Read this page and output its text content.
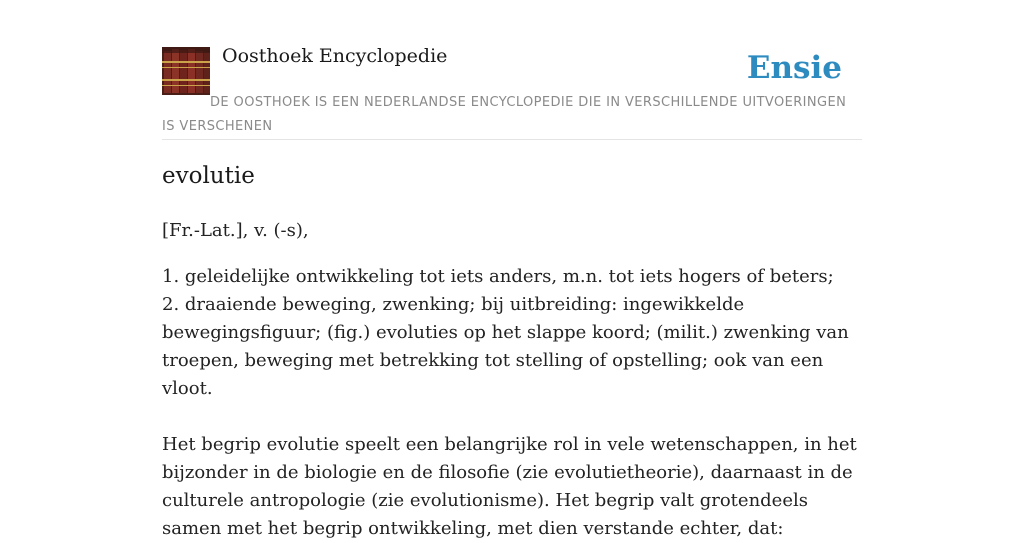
Oosthoek Encyclopedie	Ensie
DE OOSTHOEK IS EEN NEDERLANDSE ENCYCLOPEDIE DIE IN VERSCHILLENDE UITVOERINGEN IS VERSCHENEN
evolutie
[Fr.-Lat.], v. (-s),

1. geleidelijke ontwikkeling tot iets anders, m.n. tot iets hogers of beters;

2. draaiende beweging, zwenking; bij uitbreiding: ingewikkelde bewegingsfiguur; (fig.) evoluties op het slappe koord; (milit.) zwenking van troepen, beweging met betrekking tot stelling of opstelling; ook van een vloot.

Het begrip evolutie speelt een belangrijke rol in vele wetenschappen, in het bijzonder in de biologie en de filosofie (zie evolutietheorie), daarnaast in de culturele antropologie (zie evolutionisme). Het begrip valt grotendeels samen met het begrip ontwikkeling, met dien verstande echter, dat:
